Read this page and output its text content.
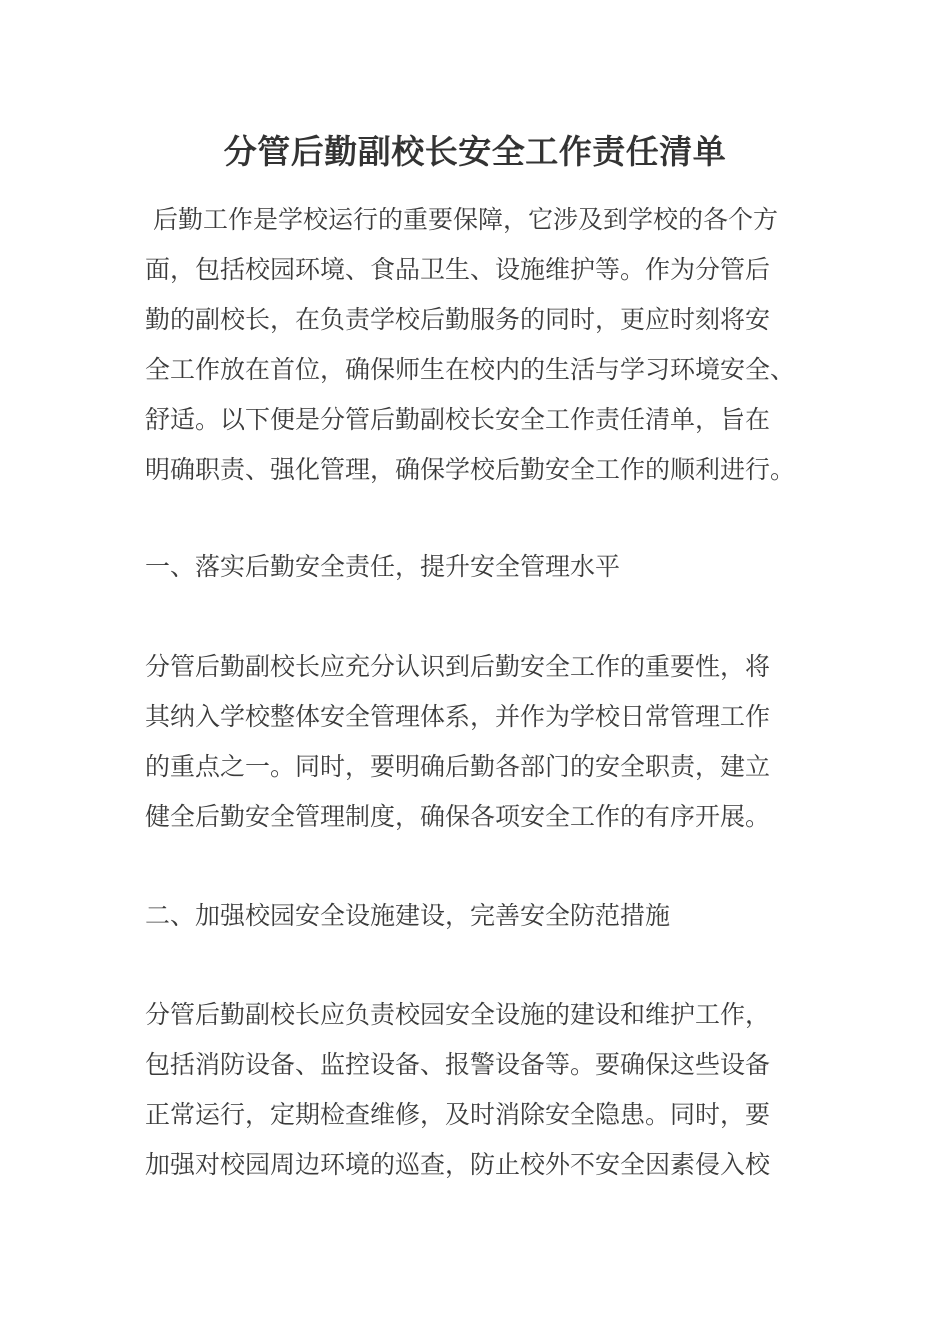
分管后勤副校长安全工作责任清单

后勤工作是学校运行的重要保障，它涉及到学校的各个方
面，包括校园环境、食品卫生、设施维护等。作为分管后
勤的副校长，在负责学校后勤服务的同时，更应时刻将安
全工作放在首位，确保师生在校内的生活与学习环境安全、
舒适。以下便是分管后勤副校长安全工作责任清单，旨在
明确职责、强化管理，确保学校后勤安全工作的顺利进行。

一、落实后勤安全责任，提升安全管理水平

分管后勤副校长应充分认识到后勤安全工作的重要性，将
其纳入学校整体安全管理体系，并作为学校日常管理工作
的重点之一。同时，要明确后勤各部门的安全职责，建立
健全后勤安全管理制度，确保各项安全工作的有序开展。

二、加强校园安全设施建设，完善安全防范措施

分管后勤副校长应负责校园安全设施的建设和维护工作，
包括消防设备、监控设备、报警设备等。要确保这些设备
正常运行，定期检查维修，及时消除安全隐患。同时，要
加强对校园周边环境的巡查，防止校外不安全因素侵入校
